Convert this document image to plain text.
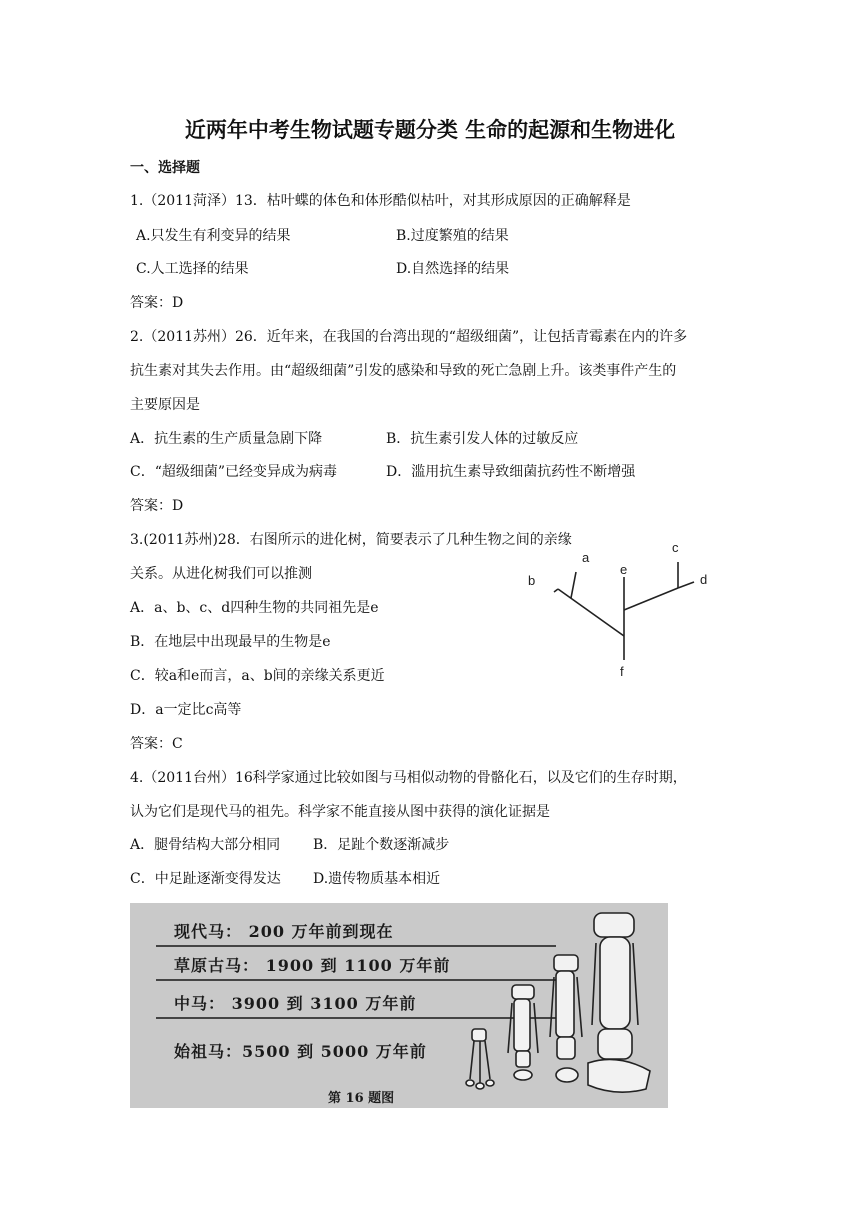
近两年中考生物试题专题分类 生命的起源和生物进化
一、选择题
1.（2011菏泽）13．枯叶蝶的体色和体形酷似枯叶，对其形成原因的正确解释是
A.只发生有利变异的结果	B.过度繁殖的结果
C.人工选择的结果	D.自然选择的结果
答案：D
2.（2011苏州）26．近年来，在我国的台湾出现的“超级细菌”，让包括青霉素在内的许多
抗生素对其失去作用。由“超级细菌”引发的感染和导致的死亡急剧上升。该类事件产生的
主要原因是
A．抗生素的生产质量急剧下降	B．抗生素引发人体的过敏反应
C．“超级细菌”已经变异成为病毒	D．滥用抗生素导致细菌抗药性不断增强
答案：D
3.(2011苏州)28．右图所示的进化树，简要表示了几种生物之间的亲缘
关系。从进化树我们可以推测
A．a、b、c、d四种生物的共同祖先是e
B．在地层中出现最早的生物是e
C．较a和e而言，a、b间的亲缘关系更近
D．a一定比c高等
答案：C
a
b
c
d
e
f
4.（2011台州）16科学家通过比较如图与马相似动物的骨骼化石，以及它们的生存时期，
认为它们是现代马的祖先。科学家不能直接从图中获得的演化证据是
A．腿骨结构大部分相同 B．足趾个数逐渐减步
C．中足趾逐渐变得发达 D.遗传物质基本相近
现代马： 200 万年前到现在
草原古马： 1900 到 1100 万年前
中马： 3900 到 3100 万年前
始祖马：5500 到 5000 万年前
第 16 题图
